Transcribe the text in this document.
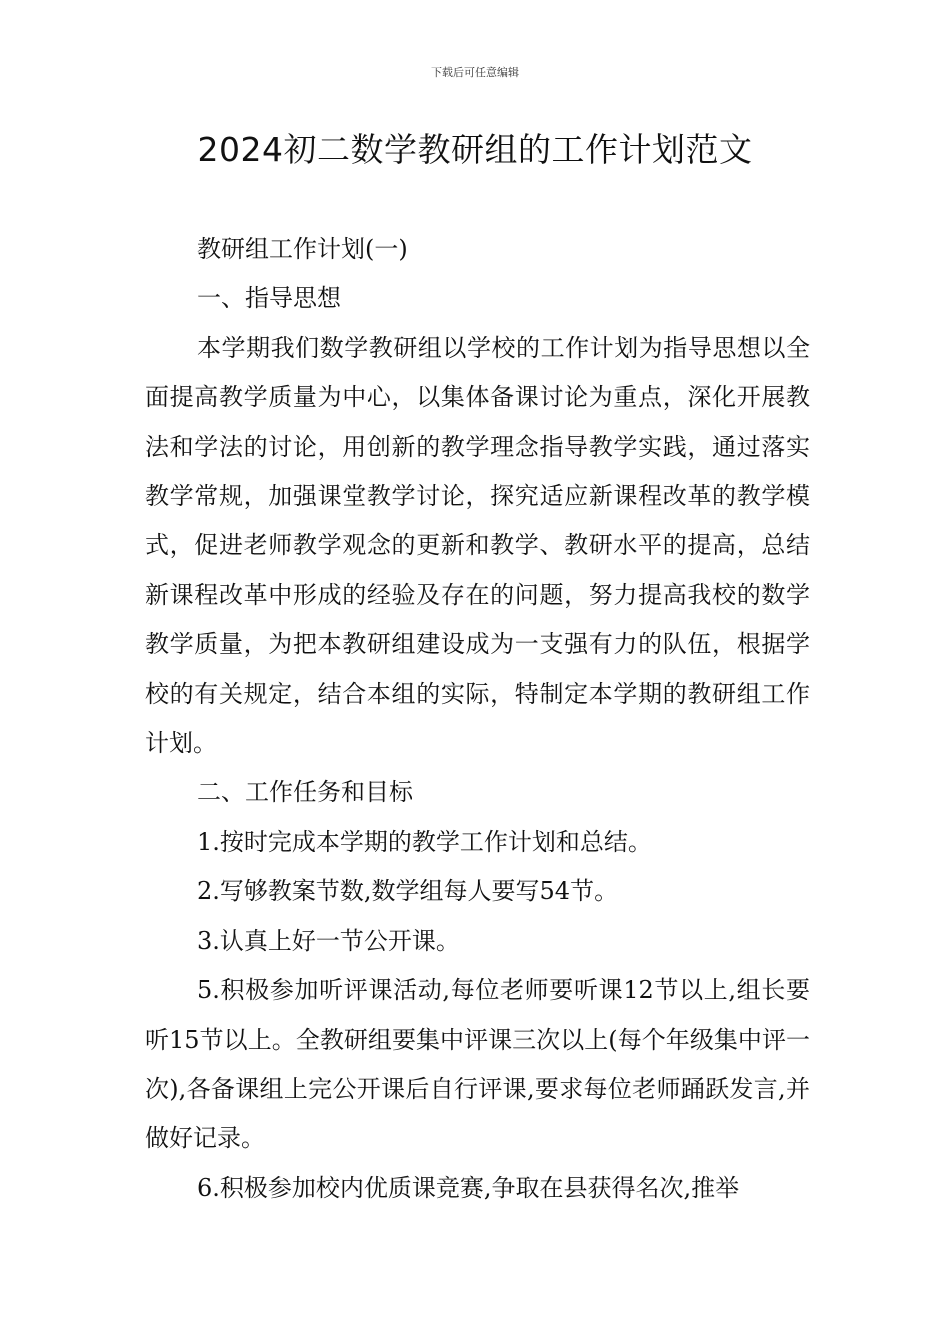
下载后可任意编辑
2024初二数学教研组的工作计划范文

教研组工作计划(一)

一、指导思想

本学期我们数学教研组以学校的工作计划为指导思想以全面提高教学质量为中心，以集体备课讨论为重点，深化开展教法和学法的讨论，用创新的教学理念指导教学实践，通过落实教学常规，加强课堂教学讨论，探究适应新课程改革的教学模式，促进老师教学观念的更新和教学、教研水平的提高，总结新课程改革中形成的经验及存在的问题，努力提高我校的数学教学质量，为把本教研组建设成为一支强有力的队伍，根据学校的有关规定，结合本组的实际，特制定本学期的教研组工作计划。

二、工作任务和目标

1.按时完成本学期的教学工作计划和总结。

2.写够教案节数,数学组每人要写54节。

3.认真上好一节公开课。

5.积极参加听评课活动,每位老师要听课12节以上,组长要听15节以上。全教研组要集中评课三次以上(每个年级集中评一次),各备课组上完公开课后自行评课,要求每位老师踊跃发言,并做好记录。

6.积极参加校内优质课竞赛,争取在县获得名次,推举
